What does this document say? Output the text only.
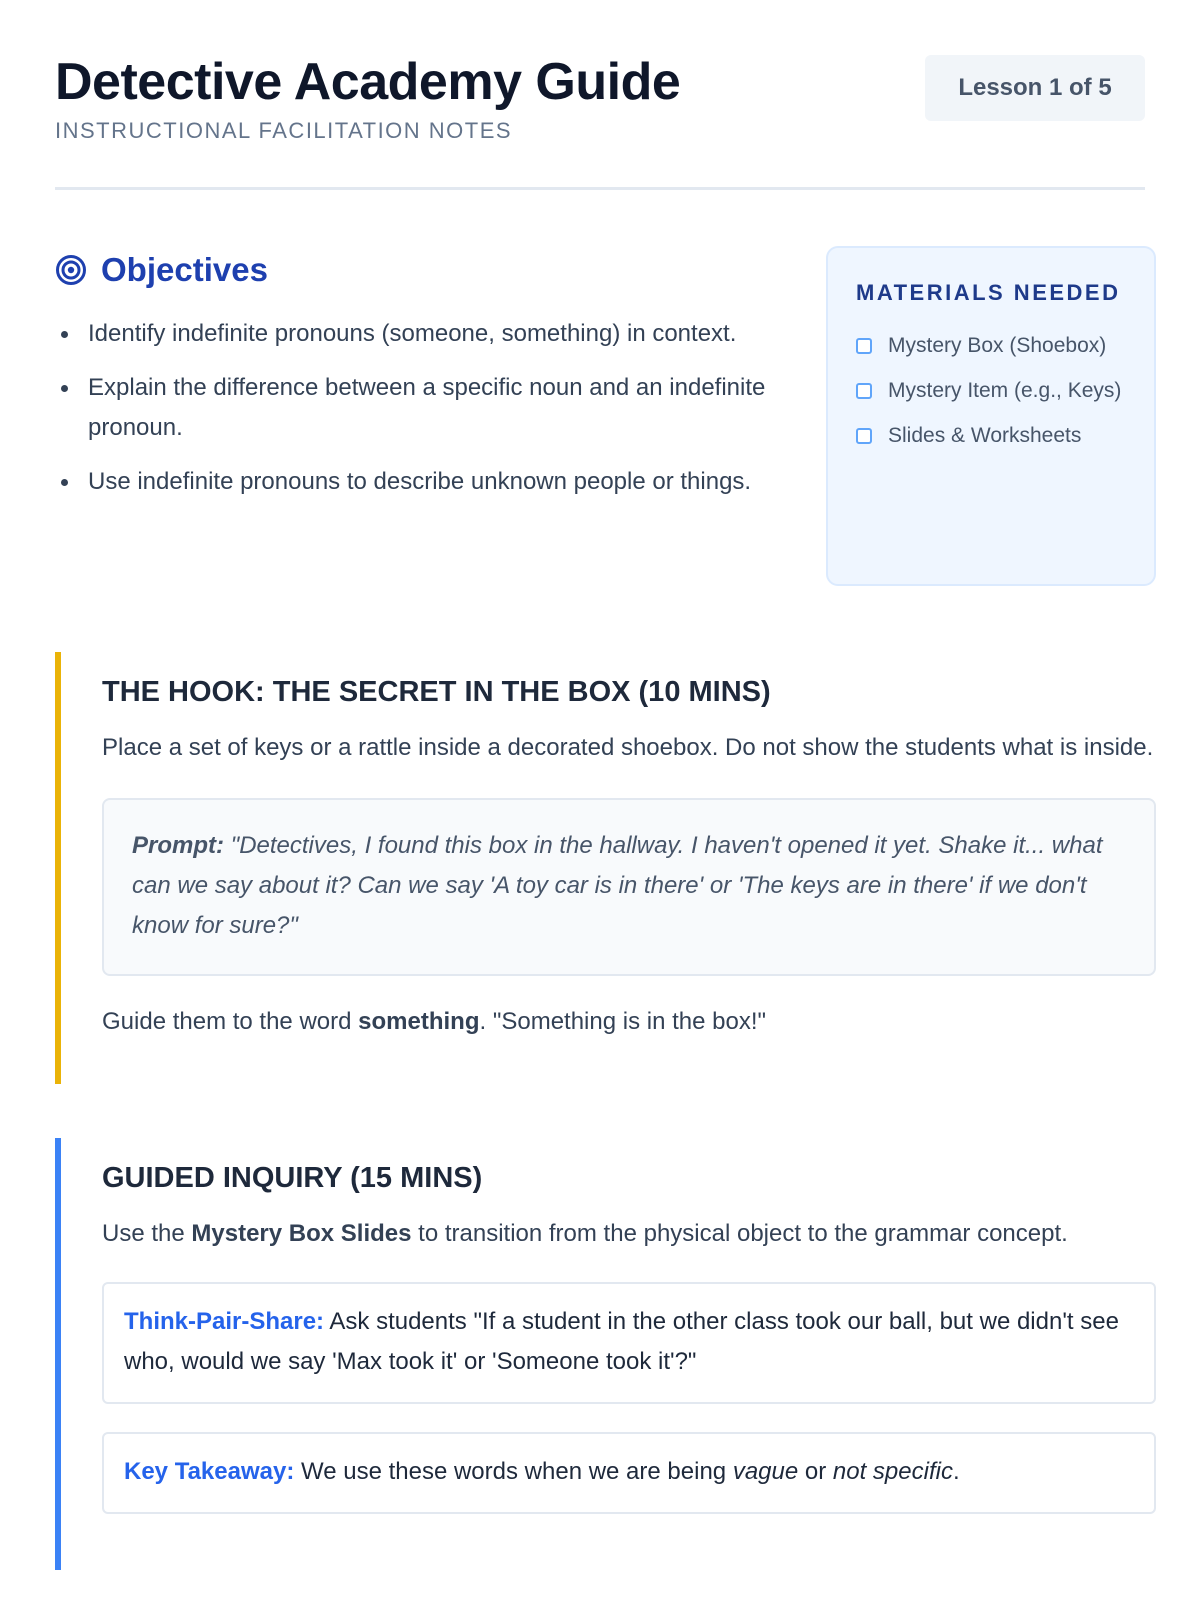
Detective Academy Guide
INSTRUCTIONAL FACILITATION NOTES
Lesson 1 of 5
Objectives
Identify indefinite pronouns (someone, something) in context.
Explain the difference between a specific noun and an indefinite pronoun.
Use indefinite pronouns to describe unknown people or things.
MATERIALS NEEDED
Mystery Box (Shoebox)
Mystery Item (e.g., Keys)
Slides & Worksheets
THE HOOK: THE SECRET IN THE BOX (10 MINS)

Place a set of keys or a rattle inside a decorated shoebox. Do not show the students what is inside.

Prompt: "Detectives, I found this box in the hallway. I haven't opened it yet. Shake it... what can we say about it? Can we say 'A toy car is in there' or 'The keys are in there' if we don't know for sure?"

Guide them to the word something. "Something is in the box!"

GUIDED INQUIRY (15 MINS)

Use the Mystery Box Slides to transition from the physical object to the grammar concept.

Think-Pair-Share: Ask students "If a student in the other class took our ball, but we didn't see who, would we say 'Max took it' or 'Someone took it'?"
Key Takeaway: We use these words when we are being vague or not specific.
